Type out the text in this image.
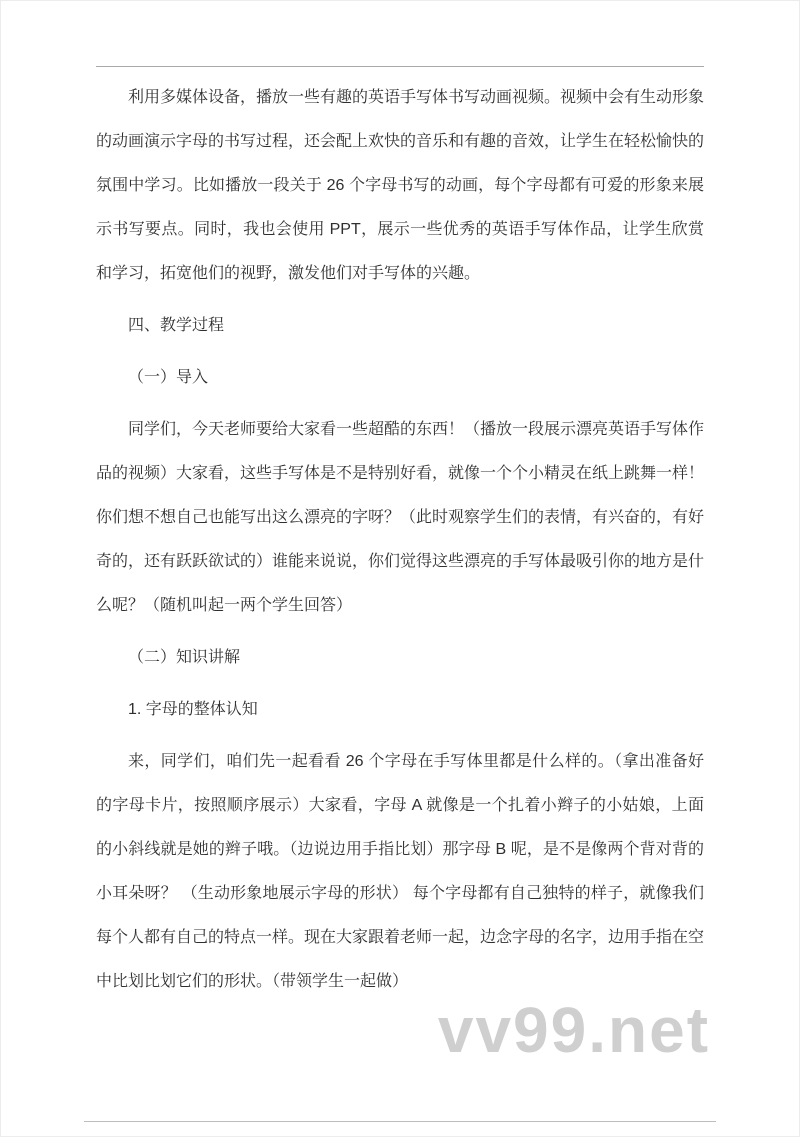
利用多媒体设备，播放一些有趣的英语手写体书写动画视频。视频中会有生动形象的动画演示字母的书写过程，还会配上欢快的音乐和有趣的音效，让学生在轻松愉快的氛围中学习。比如播放一段关于 26 个字母书写的动画，每个字母都有可爱的形象来展示书写要点。同时，我也会使用 PPT，展示一些优秀的英语手写体作品，让学生欣赏和学习，拓宽他们的视野，激发他们对手写体的兴趣。

四、教学过程

（一）导入

同学们，今天老师要给大家看一些超酷的东西！（播放一段展示漂亮英语手写体作品的视频）大家看，这些手写体是不是特别好看，就像一个个小精灵在纸上跳舞一样！你们想不想自己也能写出这么漂亮的字呀？（此时观察学生们的表情，有兴奋的，有好奇的，还有跃跃欲试的）谁能来说说，你们觉得这些漂亮的手写体最吸引你的地方是什么呢？（随机叫起一两个学生回答）

（二）知识讲解

1. 字母的整体认知

来，同学们，咱们先一起看看 26 个字母在手写体里都是什么样的。（拿出准备好的字母卡片，按照顺序展示）大家看，字母 A 就像是一个扎着小辫子的小姑娘，上面的小斜线就是她的辫子哦。（边说边用手指比划）那字母 B 呢，是不是像两个背对背的小耳朵呀？ （生动形象地展示字母的形状） 每个字母都有自己独特的样子，就像我们每个人都有自己的特点一样。现在大家跟着老师一起，边念字母的名字，边用手指在空中比划比划它们的形状。（带领学生一起做）

vv99.net
